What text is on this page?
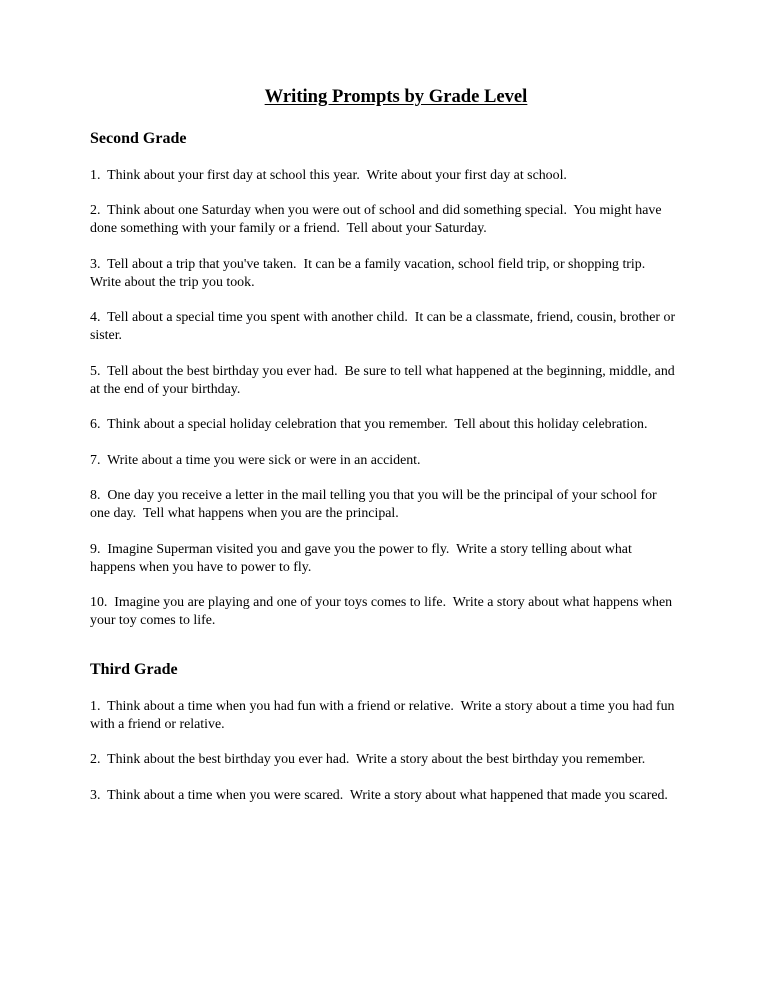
Writing Prompts by Grade Level
Second Grade
1.  Think about your first day at school this year.  Write about your first day at school.
2.  Think about one Saturday when you were out of school and did something special.  You might have done something with your family or a friend.  Tell about your Saturday.
3.  Tell about a trip that you've taken.  It can be a family vacation, school field trip, or shopping trip.  Write about the trip you took.
4.  Tell about a special time you spent with another child.  It can be a classmate, friend, cousin, brother or sister.
5.  Tell about the best birthday you ever had.  Be sure to tell what happened at the beginning, middle, and at the end of your birthday.
6.  Think about a special holiday celebration that you remember.  Tell about this holiday celebration.
7.  Write about a time you were sick or were in an accident.
8.  One day you receive a letter in the mail telling you that you will be the principal of your school for one day.  Tell what happens when you are the principal.
9.  Imagine Superman visited you and gave you the power to fly.  Write a story telling about what happens when you have to power to fly.
10.  Imagine you are playing and one of your toys comes to life.  Write a story about what happens when your toy comes to life.
Third Grade
1.  Think about a time when you had fun with a friend or relative.  Write a story about a time you had fun with a friend or relative.
2.  Think about the best birthday you ever had.  Write a story about the best birthday you remember.
3.  Think about a time when you were scared.  Write a story about what happened that made you scared.
